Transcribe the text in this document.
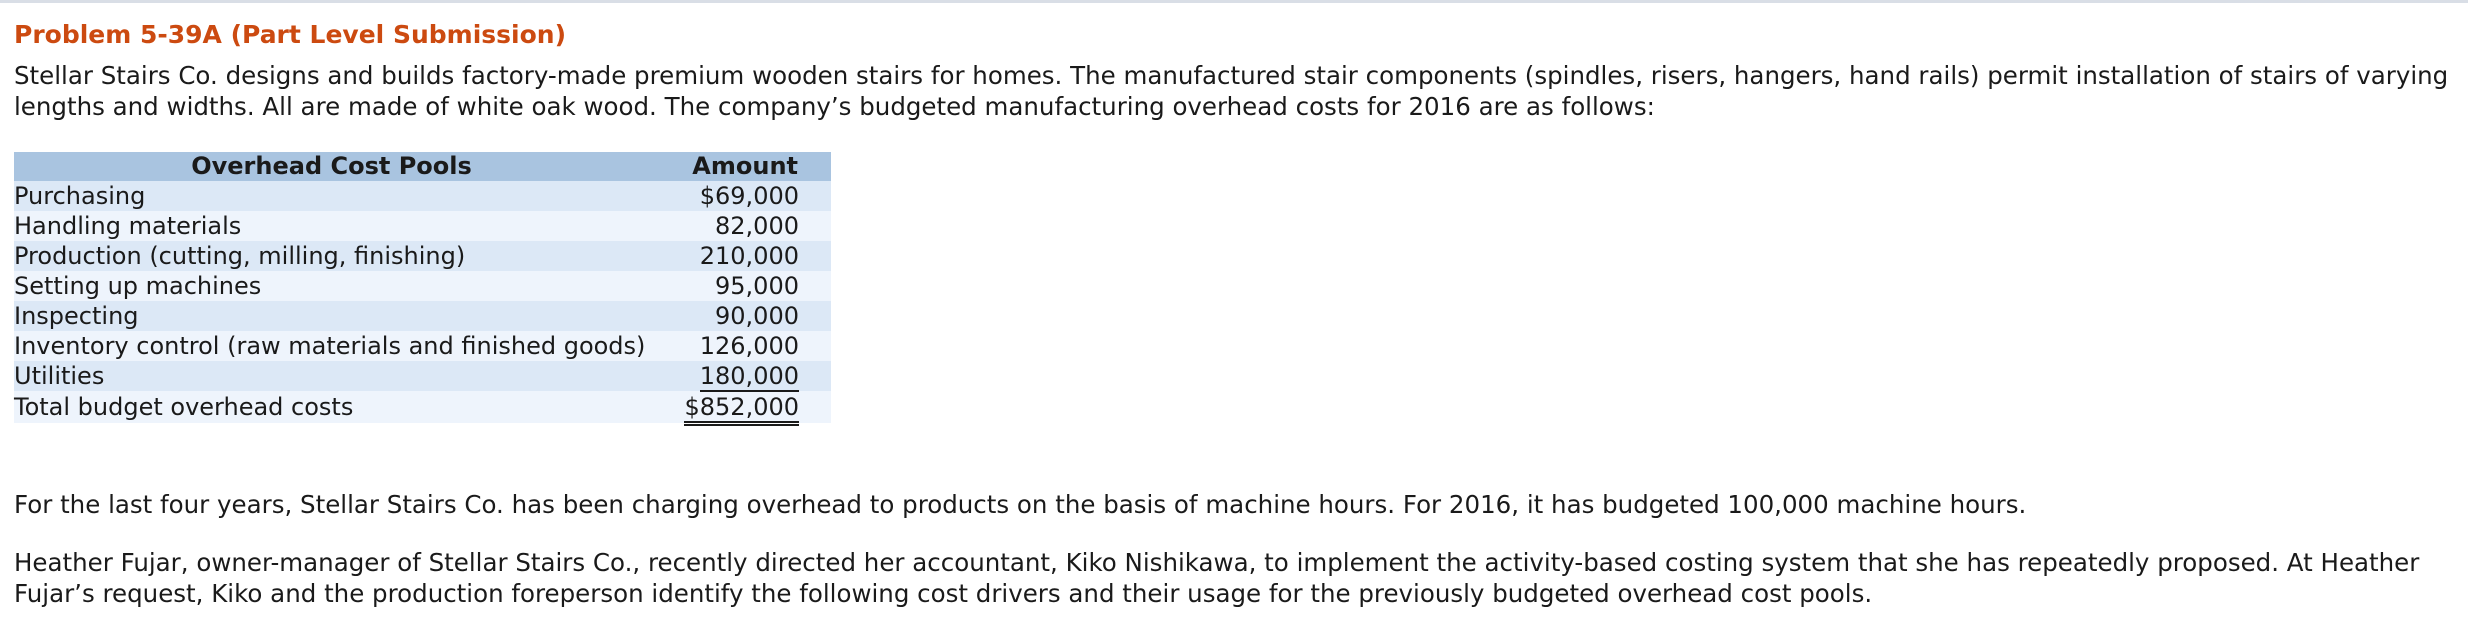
Problem 5-39A (Part Level Submission)
Stellar Stairs Co. designs and builds factory-made premium wooden stairs for homes. The manufactured stair components (spindles, risers, hangers, hand rails) permit installation of stairs of varying lengths and widths. All are made of white oak wood. The company’s budgeted manufacturing overhead costs for 2016 are as follows:
Overhead Cost Pools	Amount
Purchasing	$69,000
Handling materials	82,000
Production (cutting, milling, finishing)	210,000
Setting up machines	95,000
Inspecting	90,000
Inventory control (raw materials and finished goods)	126,000
Utilities	180,000
Total budget overhead costs	$852,000
For the last four years, Stellar Stairs Co. has been charging overhead to products on the basis of machine hours. For 2016, it has budgeted 100,000 machine hours.
Heather Fujar, owner-manager of Stellar Stairs Co., recently directed her accountant, Kiko Nishikawa, to implement the activity-based costing system that she has repeatedly proposed. At Heather Fujar’s request, Kiko and the production foreperson identify the following cost drivers and their usage for the previously budgeted overhead cost pools.
